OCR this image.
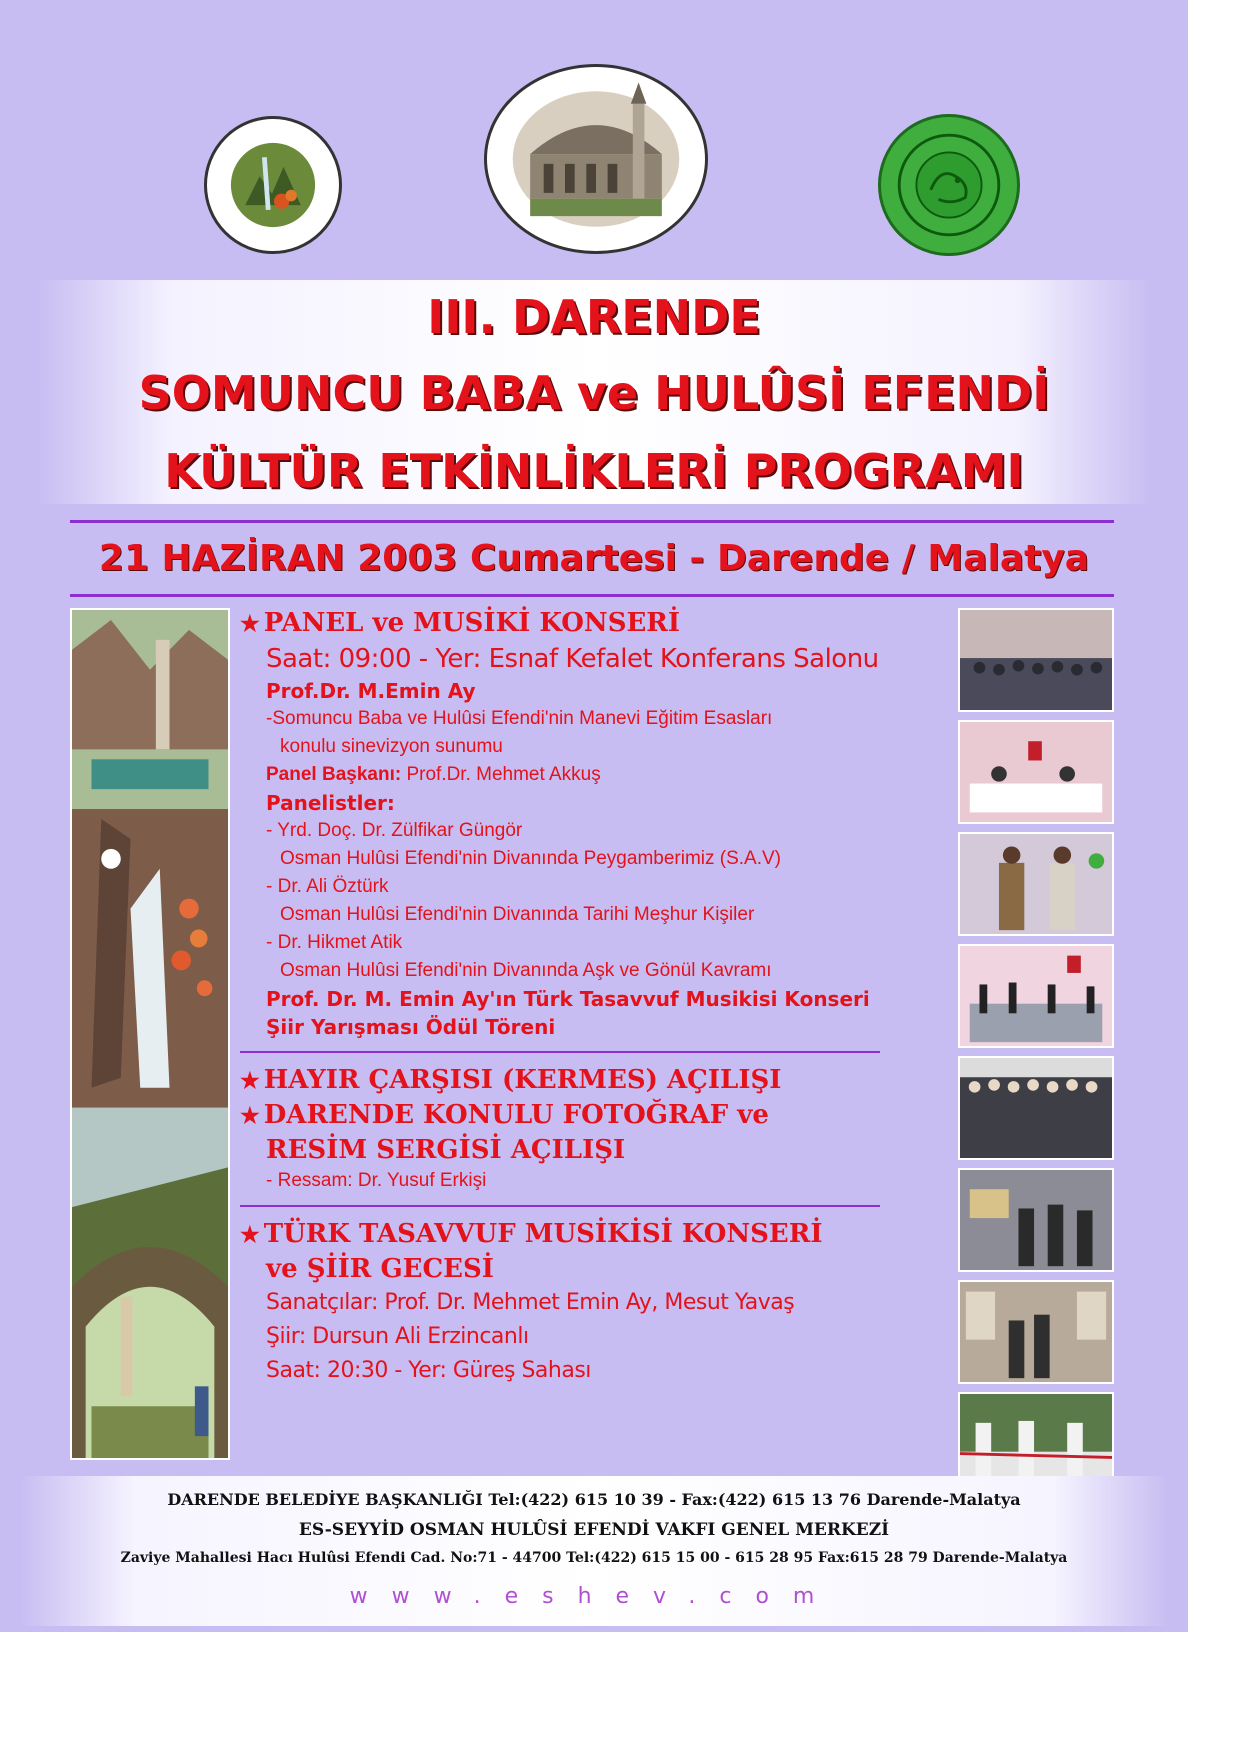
III. DARENDE
SOMUNCU BABA ve HULÛSİ EFENDİ
KÜLTÜR ETKİNLİKLERİ PROGRAMI
21 HAZİRAN 2003 Cumartesi - Darende / Malatya
★ PANEL ve MUSİKİ KONSERİ
Saat: 09:00 - Yer: Esnaf Kefalet Konferans Salonu
Prof.Dr. M.Emin Ay
-Somuncu Baba ve Hulûsi Efendi'nin Manevi Eğitim Esasları
konulu sinevizyon sunumu
Panel Başkanı: Prof.Dr. Mehmet Akkuş
Panelistler:
- Yrd. Doç. Dr. Zülfikar Güngör
Osman Hulûsi Efendi'nin Divanında Peygamberimiz (S.A.V)
- Dr. Ali Öztürk
Osman Hulûsi Efendi'nin Divanında Tarihi Meşhur Kişiler
- Dr. Hikmet Atik
Osman Hulûsi Efendi'nin Divanında Aşk ve Gönül Kavramı
Prof. Dr. M. Emin Ay'ın Türk Tasavvuf Musikisi Konseri
Şiir Yarışması Ödül Töreni
★ HAYIR ÇARŞISI (KERMES) AÇILIŞI
★ DARENDE KONULU FOTOĞRAF ve
RESİM SERGİSİ AÇILIŞI
- Ressam: Dr. Yusuf Erkişi
★ TÜRK TASAVVUF MUSİKİSİ KONSERİ
ve ŞİİR GECESİ
Sanatçılar: Prof. Dr. Mehmet Emin Ay, Mesut Yavaş
Şiir: Dursun Ali Erzincanlı
Saat: 20:30 - Yer: Güreş Sahası
DARENDE BELEDİYE BAŞKANLIĞI Tel:(422) 615 10 39 - Fax:(422) 615 13 76 Darende-Malatya
ES-SEYYİD OSMAN HULÛSİ EFENDİ VAKFI GENEL MERKEZİ
Zaviye Mahallesi Hacı Hulûsi Efendi Cad. No:71 - 44700 Tel:(422) 615 15 00 - 615 28 95 Fax:615 28 79 Darende-Malatya
www.eshev.com
